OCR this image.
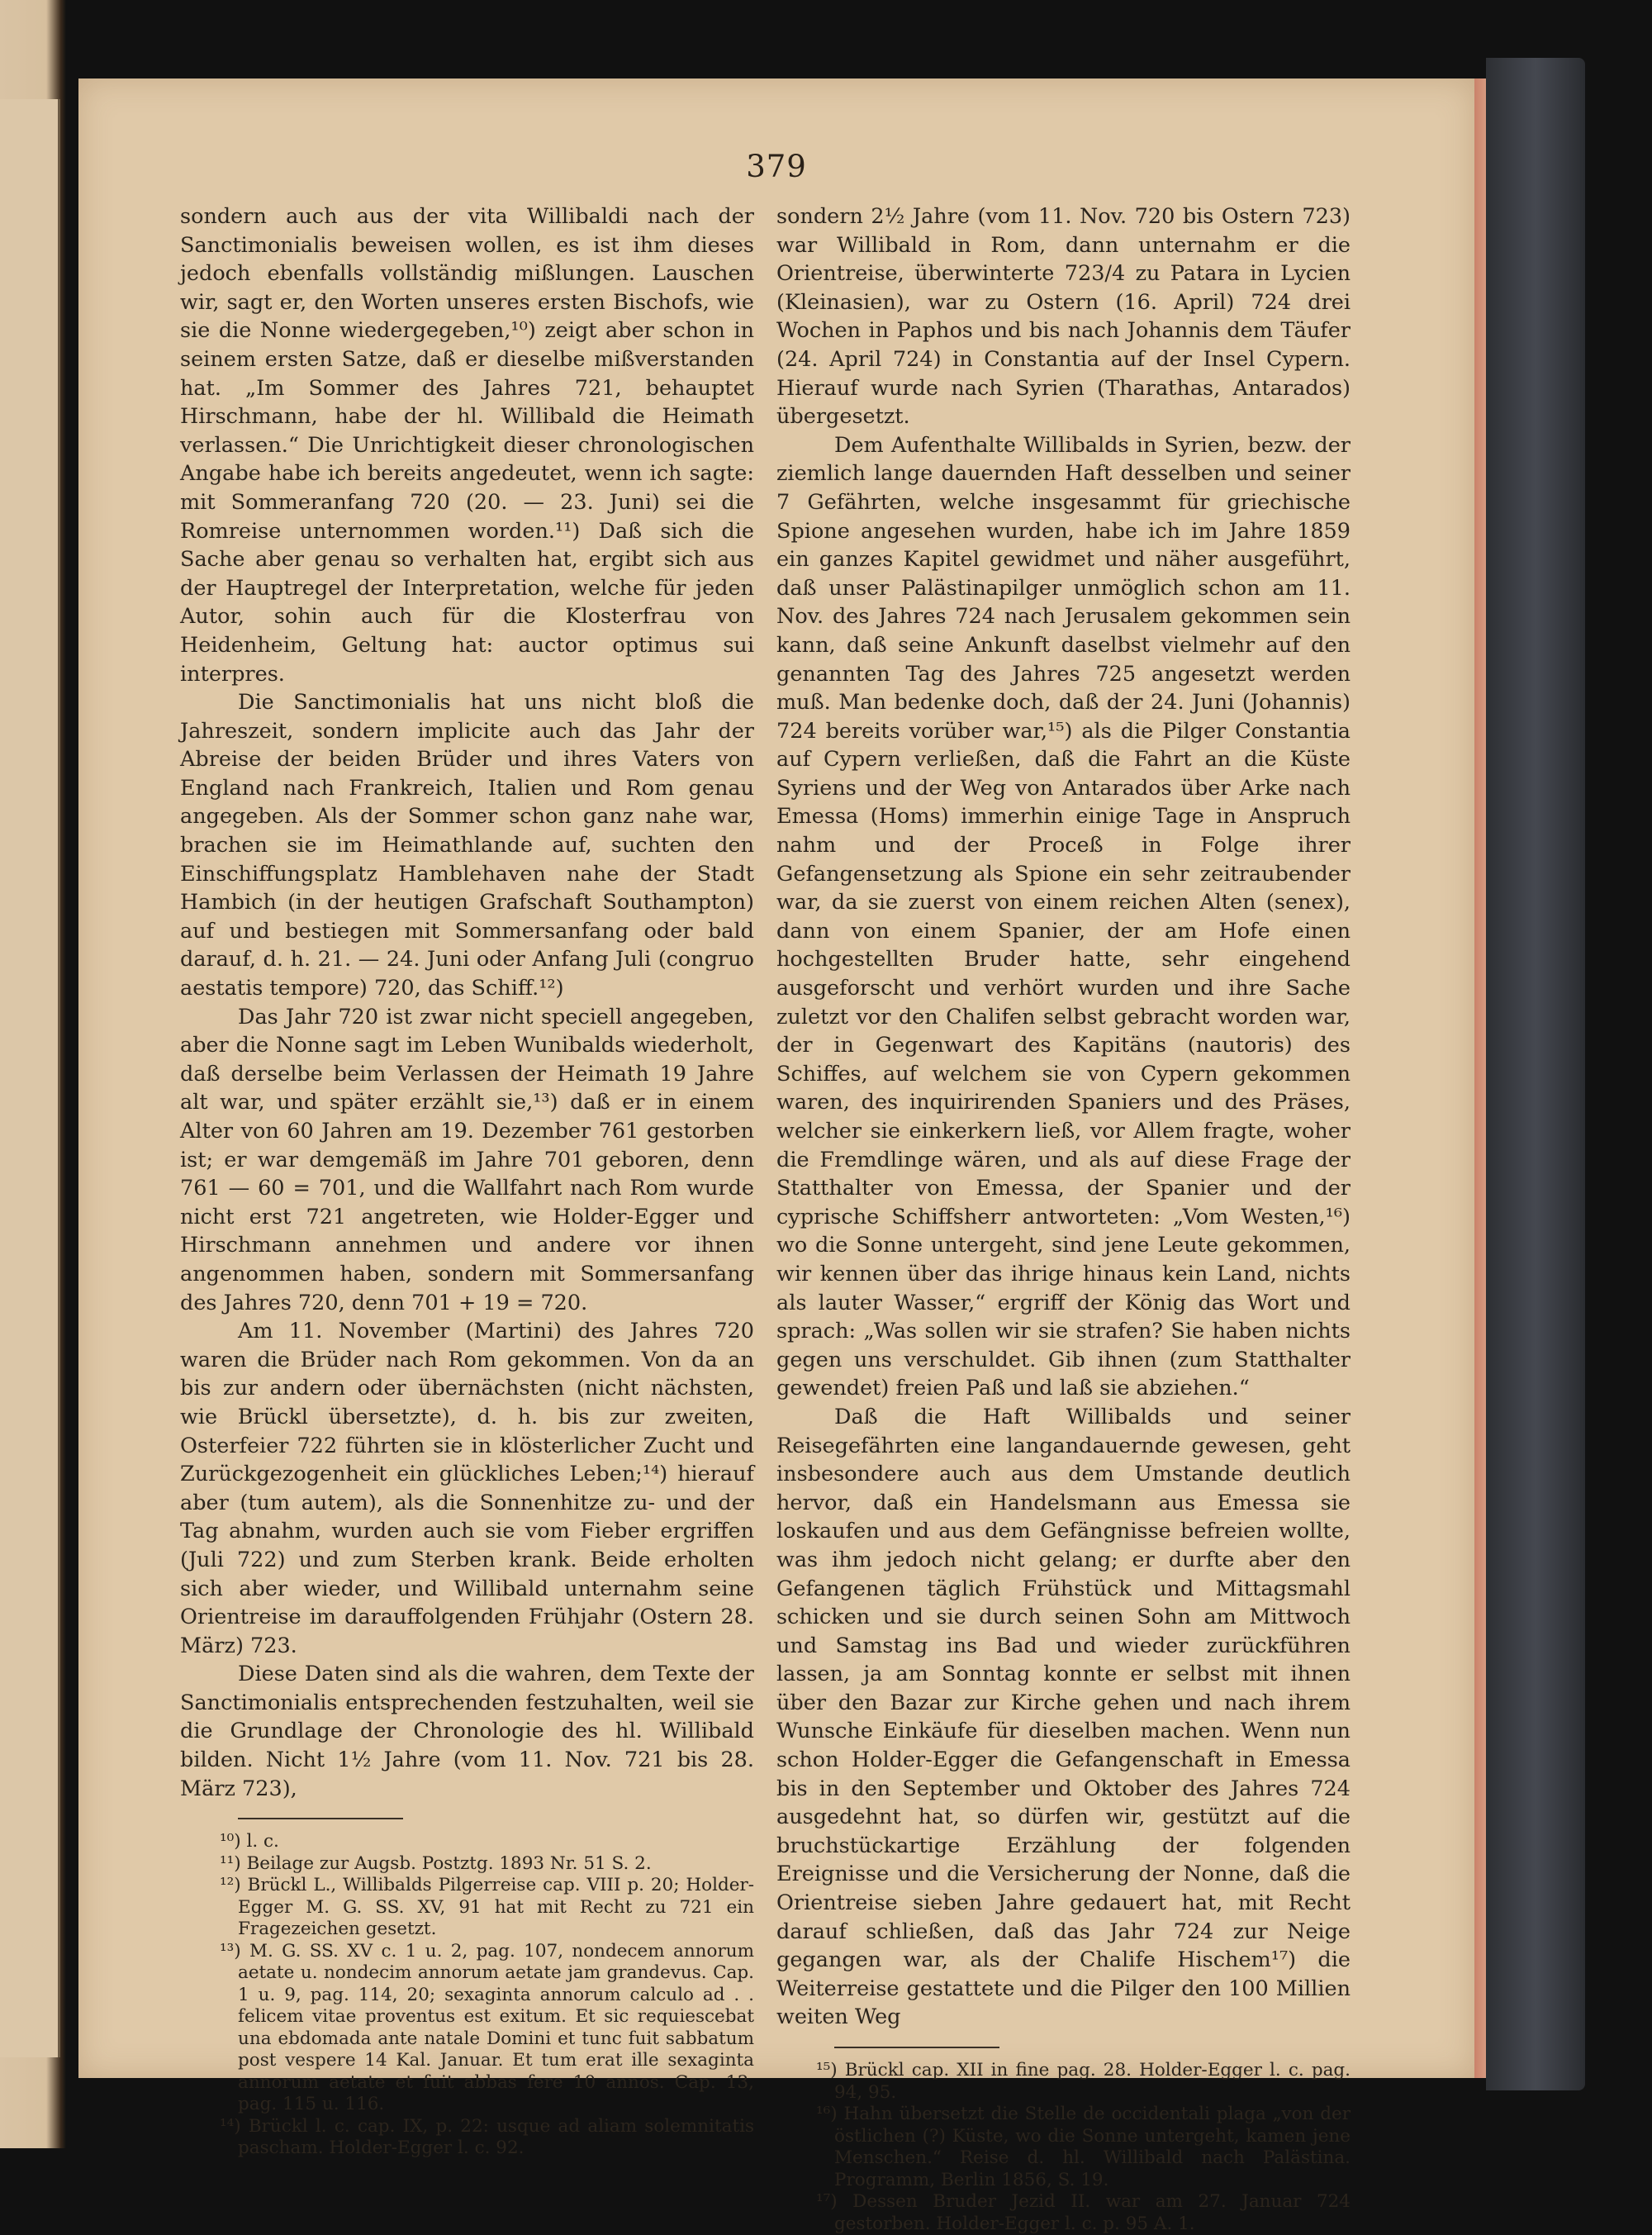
379

sondern auch aus der vita Willibaldi nach der Sanctimonialis beweisen wollen, es ist ihm dieses jedoch ebenfalls vollständig mißlungen. Lauschen wir, sagt er, den Worten unseres ersten Bischofs, wie sie die Nonne wiedergegeben,¹⁰) zeigt aber schon in seinem ersten Satze, daß er dieselbe mißverstanden hat. „Im Sommer des Jahres 721, behauptet Hirschmann, habe der hl. Willibald die Heimath verlassen.“ Die Unrichtigkeit dieser chronologischen Angabe habe ich bereits angedeutet, wenn ich sagte: mit Sommeranfang 720 (20. — 23. Juni) sei die Romreise unternommen worden.¹¹) Daß sich die Sache aber genau so verhalten hat, ergibt sich aus der Hauptregel der Interpretation, welche für jeden Autor, sohin auch für die Klosterfrau von Heidenheim, Geltung hat: auctor optimus sui interpres.

Die Sanctimonialis hat uns nicht bloß die Jahreszeit, sondern implicite auch das Jahr der Abreise der beiden Brüder und ihres Vaters von England nach Frankreich, Italien und Rom genau angegeben. Als der Sommer schon ganz nahe war, brachen sie im Heimathlande auf, suchten den Einschiffungsplatz Hamblehaven nahe der Stadt Hambich (in der heutigen Grafschaft Southampton) auf und bestiegen mit Sommersanfang oder bald darauf, d. h. 21. — 24. Juni oder Anfang Juli (congruo aestatis tempore) 720, das Schiff.¹²)

Das Jahr 720 ist zwar nicht speciell angegeben, aber die Nonne sagt im Leben Wunibalds wiederholt, daß derselbe beim Verlassen der Heimath 19 Jahre alt war, und später erzählt sie,¹³) daß er in einem Alter von 60 Jahren am 19. Dezember 761 gestorben ist; er war demgemäß im Jahre 701 geboren, denn 761 — 60 = 701, und die Wallfahrt nach Rom wurde nicht erst 721 angetreten, wie Holder-Egger und Hirschmann annehmen und andere vor ihnen angenommen haben, sondern mit Sommersanfang des Jahres 720, denn 701 + 19 = 720.

Am 11. November (Martini) des Jahres 720 waren die Brüder nach Rom gekommen. Von da an bis zur andern oder übernächsten (nicht nächsten, wie Brückl übersetzte), d. h. bis zur zweiten, Osterfeier 722 führten sie in klösterlicher Zucht und Zurückgezogenheit ein glückliches Leben;¹⁴) hierauf aber (tum autem), als die Sonnenhitze zu- und der Tag abnahm, wurden auch sie vom Fieber ergriffen (Juli 722) und zum Sterben krank. Beide erholten sich aber wieder, und Willibald unternahm seine Orientreise im darauffolgenden Frühjahr (Ostern 28. März) 723.

Diese Daten sind als die wahren, dem Texte der Sanctimonialis entsprechenden festzuhalten, weil sie die Grundlage der Chronologie des hl. Willibald bilden. Nicht 1½ Jahre (vom 11. Nov. 721 bis 28. März 723),

¹⁰) l. c.

¹¹) Beilage zur Augsb. Postztg. 1893 Nr. 51 S. 2.

¹²) Brückl L., Willibalds Pilgerreise cap. VIII p. 20; Holder-Egger M. G. SS. XV, 91 hat mit Recht zu 721 ein Fragezeichen gesetzt.

¹³) M. G. SS. XV c. 1 u. 2, pag. 107, nondecem annorum aetate u. nondecim annorum aetate jam grandevus. Cap. 1 u. 9, pag. 114, 20; sexaginta annorum calculo ad . . felicem vitae proventus est exitum. Et sic requiescebat una ebdomada ante natale Domini et tunc fuit sabbatum post vespere 14 Kal. Januar. Et tum erat ille sexaginta annorum aetate et fuit abbas fere 10 annos. Cap. 13, pag. 115 u. 116.

¹⁴) Brückl l. c. cap. IX, p. 22: usque ad aliam solemnitatis pascham. Holder-Egger l. c. 92.

sondern 2½ Jahre (vom 11. Nov. 720 bis Ostern 723) war Willibald in Rom, dann unternahm er die Orientreise, überwinterte 723/4 zu Patara in Lycien (Kleinasien), war zu Ostern (16. April) 724 drei Wochen in Paphos und bis nach Johannis dem Täufer (24. April 724) in Constantia auf der Insel Cypern. Hierauf wurde nach Syrien (Tharathas, Antarados) übergesetzt.

Dem Aufenthalte Willibalds in Syrien, bezw. der ziemlich lange dauernden Haft desselben und seiner 7 Gefährten, welche insgesammt für griechische Spione angesehen wurden, habe ich im Jahre 1859 ein ganzes Kapitel gewidmet und näher ausgeführt, daß unser Palästinapilger unmöglich schon am 11. Nov. des Jahres 724 nach Jerusalem gekommen sein kann, daß seine Ankunft daselbst vielmehr auf den genannten Tag des Jahres 725 angesetzt werden muß. Man bedenke doch, daß der 24. Juni (Johannis) 724 bereits vorüber war,¹⁵) als die Pilger Constantia auf Cypern verließen, daß die Fahrt an die Küste Syriens und der Weg von Antarados über Arke nach Emessa (Homs) immerhin einige Tage in Anspruch nahm und der Proceß in Folge ihrer Gefangensetzung als Spione ein sehr zeitraubender war, da sie zuerst von einem reichen Alten (senex), dann von einem Spanier, der am Hofe einen hochgestellten Bruder hatte, sehr eingehend ausgeforscht und verhört wurden und ihre Sache zuletzt vor den Chalifen selbst gebracht worden war, der in Gegenwart des Kapitäns (nautoris) des Schiffes, auf welchem sie von Cypern gekommen waren, des inquirirenden Spaniers und des Präses, welcher sie einkerkern ließ, vor Allem fragte, woher die Fremdlinge wären, und als auf diese Frage der Statthalter von Emessa, der Spanier und der cyprische Schiffsherr antworteten: „Vom Westen,¹⁶) wo die Sonne untergeht, sind jene Leute gekommen, wir kennen über das ihrige hinaus kein Land, nichts als lauter Wasser,“ ergriff der König das Wort und sprach: „Was sollen wir sie strafen? Sie haben nichts gegen uns verschuldet. Gib ihnen (zum Statthalter gewendet) freien Paß und laß sie abziehen.“

Daß die Haft Willibalds und seiner Reisegefährten eine langandauernde gewesen, geht insbesondere auch aus dem Umstande deutlich hervor, daß ein Handelsmann aus Emessa sie loskaufen und aus dem Gefängnisse befreien wollte, was ihm jedoch nicht gelang; er durfte aber den Gefangenen täglich Frühstück und Mittagsmahl schicken und sie durch seinen Sohn am Mittwoch und Samstag ins Bad und wieder zurückführen lassen, ja am Sonntag konnte er selbst mit ihnen über den Bazar zur Kirche gehen und nach ihrem Wunsche Einkäufe für dieselben machen. Wenn nun schon Holder-Egger die Gefangenschaft in Emessa bis in den September und Oktober des Jahres 724 ausgedehnt hat, so dürfen wir, gestützt auf die bruchstückartige Erzählung der folgenden Ereignisse und die Versicherung der Nonne, daß die Orientreise sieben Jahre gedauert hat, mit Recht darauf schließen, daß das Jahr 724 zur Neige gegangen war, als der Chalife Hischem¹⁷) die Weiterreise gestattete und die Pilger den 100 Millien weiten Weg

¹⁵) Brückl cap. XII in fine pag. 28. Holder-Egger l. c. pag. 94, 95.

¹⁶) Hahn übersetzt die Stelle de occidentali plaga „von der östlichen (?) Küste, wo die Sonne untergeht, kamen jene Menschen.“ Reise d. hl. Willibald nach Palästina. Programm, Berlin 1856, S. 19.

¹⁷) Dessen Bruder Jezid II. war am 27. Januar 724 gestorben. Holder-Egger l. c. p. 95 A. 1.
